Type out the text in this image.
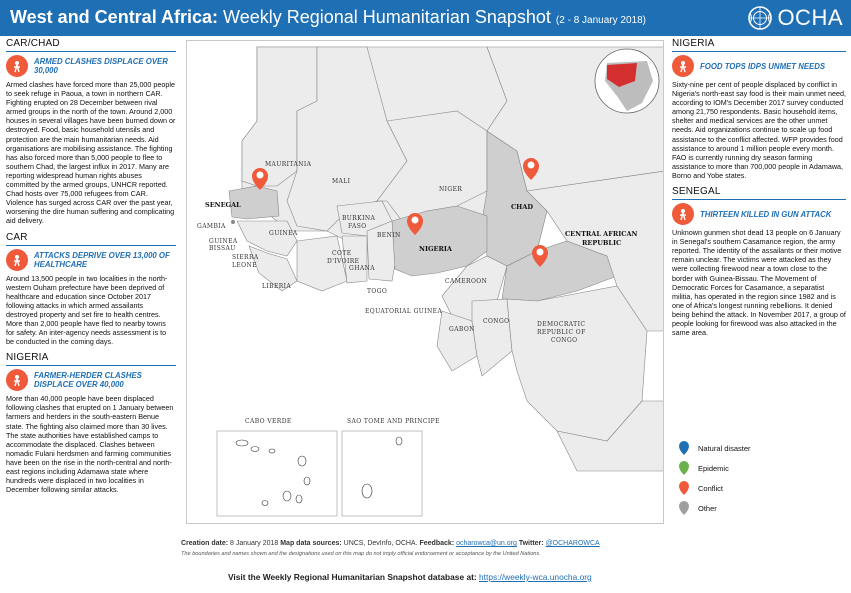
West and Central Africa: Weekly Regional Humanitarian Snapshot (2 - 8 January 2018)	OCHA
CAR/CHAD
ARMED CLASHES DISPLACE OVER 30,000
Armed clashes have forced more than 25,000 people to seek refuge in Paoua, a town in northern CAR. Fighting erupted on 28 December between rival armed groups in the north of the town. Around 2,000 houses in several villages have been burned down or destroyed. Food, basic household utensils and protection are the main humanitarian needs. Aid organisations are mobilising assistance. The fighting has also forced more than 5,000 people to flee to southern Chad, the largest influx in 2017. Many are reporting widespread human rights abuses committed by the armed groups, UNHCR reported. Chad hosts over 75,000 refugees from CAR. Violence has surged across CAR over the past year, worsening the dire human suffering and complicating aid delivery.
CAR
ATTACKS DEPRIVE OVER 13,000 OF HEALTHCARE
Around 13,500 people in two localities in the north-western Ouham prefecture have been deprived of healthcare and education since October 2017 following attacks in which armed assailants destroyed property and set fire to health centres. More than 2,000 people have fled to nearby towns for safety. An inter-agency needs assessment is to be conducted in the coming days.
NIGERIA
FARMER-HERDER CLASHES DISPLACE OVER 40,000
More than 40,000 people have been displaced following clashes that erupted on 1 January between farmers and herders in the south-eastern Benue state. The fighting also claimed more than 30 lives. The state authorities have established camps to accommodate the displaced. Clashes between nomadic Fulani herdsmen and farming communities have been on the rise in the north-central and north-east regions including Adamawa state where hundreds were displaced in two localities in December following similar attacks.
MAURITANIA
MALI
NIGER
CHAD
SENEGAL
GAMBIA
GUINEA
BISSAU
GUINEA
SIERRA
LEONE
LIBERIA
BURKINA
FASO
COTE
D'IVOIRE
GHANA
TOGO
BENIN
NIGERIA
CAMEROON
CENTRAL AFRICAN
REPUBLIC
EQUATORIAL GUINEA
GABON
CONGO	DEMOCRATIC
REPUBLIC OF
CONGO
CABO VERDE	SAO TOME AND PRINCIPE
NIGERIA
FOOD TOPS IDPS UNMET NEEDS
Sixty-nine per cent of people displaced by conflict in Nigeria's north-east say food is their main unmet need, according to IOM's December 2017 survey conducted among 21,750 respondents. Basic household items, shelter and medical services are the other unmet needs. Aid organizations continue to scale up food assistance to the conflict affected. WFP provides food assistance to around 1 million people every month. FAO is currently running dry season farming assistance to more than 700,000 people in Adamawa, Borno and Yobe states.
SENEGAL
THIRTEEN KILLED IN GUN ATTACK
Unknown gunmen shot dead 13 people on 6 January in Senegal's southern Casamance region, the army reported. The identity of the assailants or their motive remain unclear. The victims were attacked as they were collecting firewood near a town close to the border with Guinea-Bissau. The Movement of Democratic Forces for Casamance, a separatist militia, has operated in the region since 1982 and is one of Africa's longest running rebellions. It denied being behind the attack. In November 2017, a group of people looking for firewood was also attacked in the same area.
Natural disaster
Epidemic
Conflict
Other
Creation date: 8 January 2018 Map data sources: UNCS, DevInfo, OCHA. Feedback: ocharowca@un.org Twitter: @OCHAROWCA
The boundaries and names shown and the designations used on this map do not imply official endorsement or acceptance by the United Nations.
Visit the Weekly Regional Humanitarian Snapshot database at: https://weekly-wca.unocha.org
